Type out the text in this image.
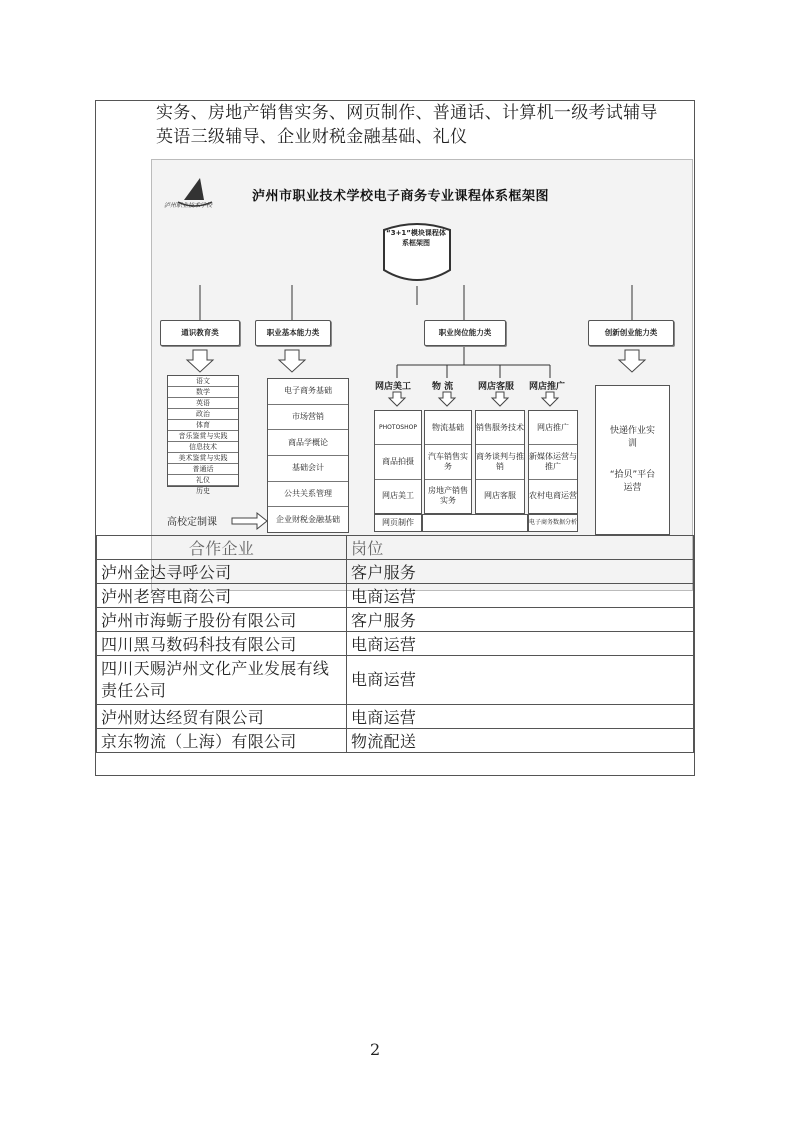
实务、房地产销售实务、网页制作、普通话、计算机一级考试辅导
英语三级辅导、企业财税金融基础、礼仪
泸州职业技术学校
泸州市职业技术学校电子商务专业课程体系框架图
“3+1”模块课程体系框架图
通识教育类	职业基本能力类	职业岗位能力类	创新创业能力类
语文
数学
英语
政治
体育
音乐鉴赏与实践
信息技术
美术鉴赏与实践
普通话
礼仪
历史
高校定制课
电子商务基础
市场营销
商品学概论
基础会计
公共关系管理
企业财税金融基础
网店美工 物 流	网店客服 网店推广
PHOTOSHOP
商品拍摄
网店美工
物流基础
汽车销售实务
房地产销售实务
销售服务技术
商务谈判与推销
网店客服
网店推广
新媒体运营与推广
农村电商运营
网页制作	电子商务数据分析
快递作业实训
“拾贝”平台运营
合作企业	岗位
泸州金达寻呼公司	客户服务
泸州老窖电商公司	电商运营
泸州市海蛎子股份有限公司	客户服务
四川黑马数码科技有限公司	电商运营
四川天赐泸州文化产业发展有线责任公司	电商运营
泸州财达经贸有限公司	电商运营
京东物流（上海）有限公司	物流配送
2
